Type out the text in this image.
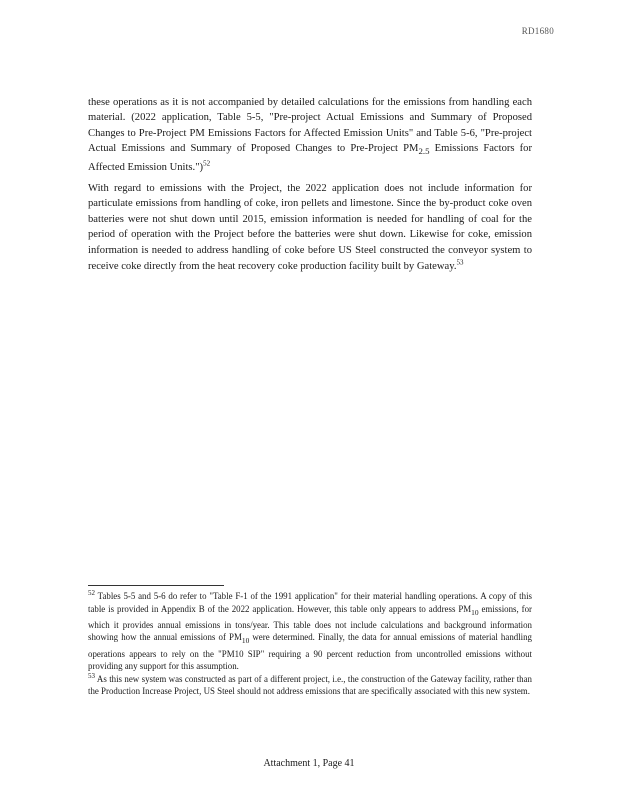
RD1680

these operations as it is not accompanied by detailed calculations for the emissions from handling each material. (2022 application, Table 5-5, "Pre-project Actual Emissions and Summary of Proposed Changes to Pre-Project PM Emissions Factors for Affected Emission Units" and Table 5-6, "Pre-project Actual Emissions and Summary of Proposed Changes to Pre-Project $PM_{2.5}$ Emissions Factors for Affected Emission Units.")$^{52}$

With regard to emissions with the Project, the 2022 application does not include information for particulate emissions from handling of coke, iron pellets and limestone. Since the by-product coke oven batteries were not shut down until 2015, emission information is needed for handling of coal for the period of operation with the Project before the batteries were shut down. Likewise for coke, emission information is needed to address handling of coke before US Steel constructed the conveyor system to receive coke directly from the heat recovery coke production facility built by Gateway.$^{53}$

$^{52}$ Tables 5-5 and 5-6 do refer to "Table F-1 of the 1991 application" for their material handling operations. A copy of this table is provided in Appendix B of the 2022 application. However, this table only appears to address $PM_{10}$ emissions, for which it provides annual emissions in tons/year. This table does not include calculations and background information showing how the annual emissions of $PM_{10}$ were determined. Finally, the data for annual emissions of material handling operations appears to rely on the "PM10 SIP" requiring a 90 percent reduction from uncontrolled emissions without providing any support for this assumption.

$^{53}$ As this new system was constructed as part of a different project, i.e., the construction of the Gateway facility, rather than the Production Increase Project, US Steel should not address emissions that are specifically associated with this new system.

Attachment 1, Page 41
